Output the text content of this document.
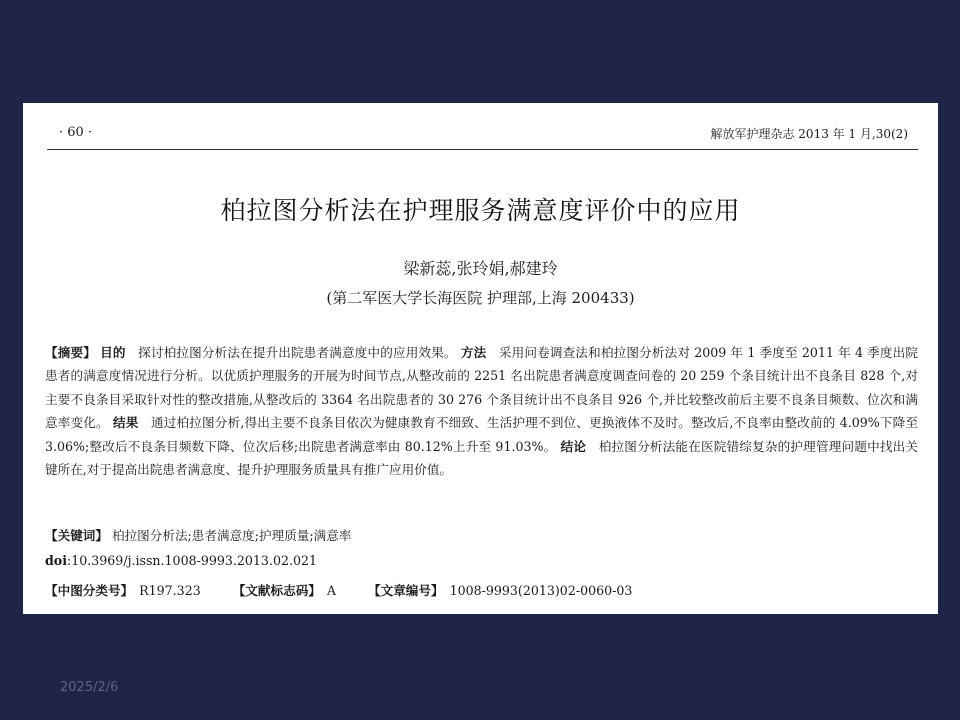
· 60 ·	解放军护理杂志 2013 年 1 月,30(2)
柏拉图分析法在护理服务满意度评价中的应用
梁新蕊,张玲娟,郝建玲
(第二军医大学长海医院 护理部,上海 200433)
【摘要】 目的 探讨柏拉图分析法在提升出院患者满意度中的应用效果。 方法 采用问卷调查法和柏拉图分析法对 2009 年 1 季度至 2011 年 4 季度出院患者的满意度情况进行分析。以优质护理服务的开展为时间节点,从整改前的 2251 名出院患者满意度调查问卷的 20 259 个条目统计出不良条目 828 个,对主要不良条目采取针对性的整改措施,从整改后的 3364 名出院患者的 30 276 个条目统计出不良条目 926 个,并比较整改前后主要不良条目频数、位次和满意率变化。 结果 通过柏拉图分析,得出主要不良条目依次为健康教育不细致、生活护理不到位、更换液体不及时。整改后,不良率由整改前的 4.09%下降至 3.06%;整改后不良条目频数下降、位次后移;出院患者满意率由 80.12%上升至 91.03%。 结论 柏拉图分析法能在医院错综复杂的护理管理问题中找出关键所在,对于提高出院患者满意度、提升护理服务质量具有推广应用价值。
【关键词】 柏拉图分析法;患者满意度;护理质量;满意率
doi:10.3969/j.issn.1008-9993.2013.02.021
【中图分类号】 R197.323	【文献标志码】 A	【文章编号】 1008-9993(2013)02-0060-03
2025/2/6
